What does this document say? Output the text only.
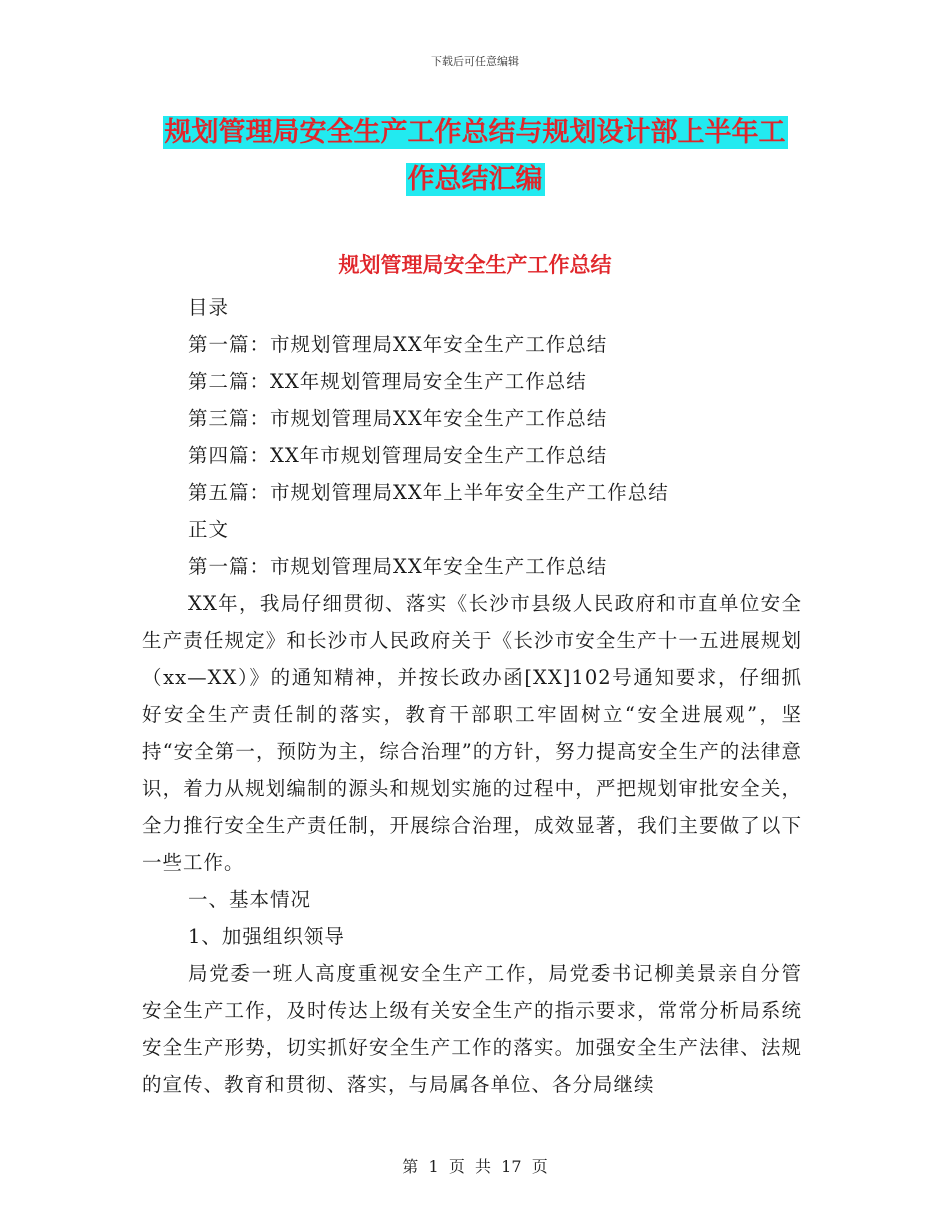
下载后可任意编辑
规划管理局安全生产工作总结与规划设计部上半年工
作总结汇编
规划管理局安全生产工作总结
目录
第一篇：市规划管理局XX年安全生产工作总结
第二篇：XX年规划管理局安全生产工作总结
第三篇：市规划管理局XX年安全生产工作总结
第四篇：XX年市规划管理局安全生产工作总结
第五篇：市规划管理局XX年上半年安全生产工作总结
正文
第一篇：市规划管理局XX年安全生产工作总结
XX年，我局仔细贯彻、落实《长沙市县级人民政府和市直单位安全生产责任规定》和长沙市人民政府关于《长沙市安全生产十一五进展规划（xx—XX）》的通知精神，并按长政办函[XX]102号通知要求，仔细抓好安全生产责任制的落实，教育干部职工牢固树立“安全进展观”，坚持“安全第一，预防为主，综合治理”的方针，努力提高安全生产的法律意识，着力从规划编制的源头和规划实施的过程中，严把规划审批安全关，全力推行安全生产责任制，开展综合治理，成效显著，我们主要做了以下一些工作。
一、基本情况
1、加强组织领导
局党委一班人高度重视安全生产工作，局党委书记柳美景亲自分管安全生产工作，及时传达上级有关安全生产的指示要求，常常分析局系统安全生产形势，切实抓好安全生产工作的落实。加强安全生产法律、法规的宣传、教育和贯彻、落实，与局属各单位、各分局继续
第  1  页  共  17  页
